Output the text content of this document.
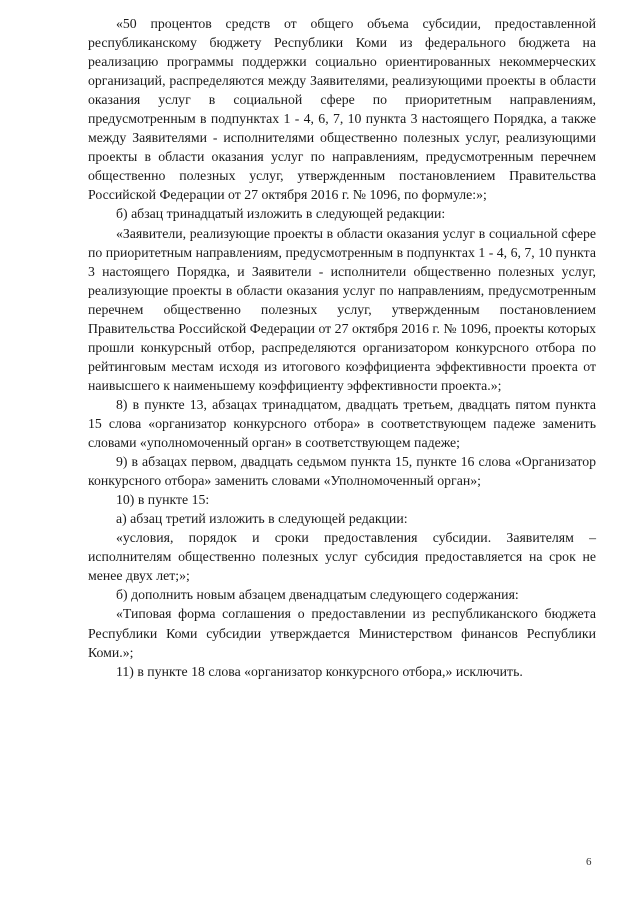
«50 процентов средств от общего объема субсидии, предоставленной республиканскому бюджету Республики Коми из федерального бюджета на реализацию программы поддержки социально ориентированных некоммерческих организаций, распределяются между Заявителями, реализующими проекты в области оказания услуг в социальной сфере по приоритетным направлениям, предусмотренным в подпунктах 1 - 4, 6, 7, 10 пункта 3 настоящего Порядка, а также между Заявителями - исполнителями общественно полезных услуг, реализующими проекты в области оказания услуг по направлениям, предусмотренным перечнем общественно полезных услуг, утвержденным постановлением Правительства Российской Федерации от 27 октября 2016 г. № 1096, по формуле:»;

б) абзац тринадцатый изложить в следующей редакции:

«Заявители, реализующие проекты в области оказания услуг в социальной сфере по приоритетным направлениям, предусмотренным в подпунктах 1 - 4, 6, 7, 10 пункта 3 настоящего Порядка, и Заявители - исполнители общественно полезных услуг, реализующие проекты в области оказания услуг по направлениям, предусмотренным перечнем общественно полезных услуг, утвержденным постановлением Правительства Российской Федерации от 27 октября 2016 г. № 1096, проекты которых прошли конкурсный отбор, распределяются организатором конкурсного отбора по рейтинговым местам исходя из итогового коэффициента эффективности проекта от наивысшего к наименьшему коэффициенту эффективности проекта.»;

8) в пункте 13, абзацах тринадцатом, двадцать третьем, двадцать пятом пункта 15 слова «организатор конкурсного отбора» в соответствующем падеже заменить словами «уполномоченный орган» в соответствующем падеже;

9) в абзацах первом, двадцать седьмом пункта 15, пункте 16 слова «Организатор конкурсного отбора» заменить словами «Уполномоченный орган»;

10) в пункте 15:

а) абзац третий изложить в следующей редакции:

«условия, порядок и сроки предоставления субсидии. Заявителям – исполнителям общественно полезных услуг субсидия предоставляется на срок не менее двух лет;»;

б) дополнить новым абзацем двенадцатым следующего содержания:

«Типовая форма соглашения о предоставлении из республиканского бюджета Республики Коми субсидии утверждается Министерством финансов Республики Коми.»;

11) в пункте 18 слова «организатор конкурсного отбора,» исключить.

6
